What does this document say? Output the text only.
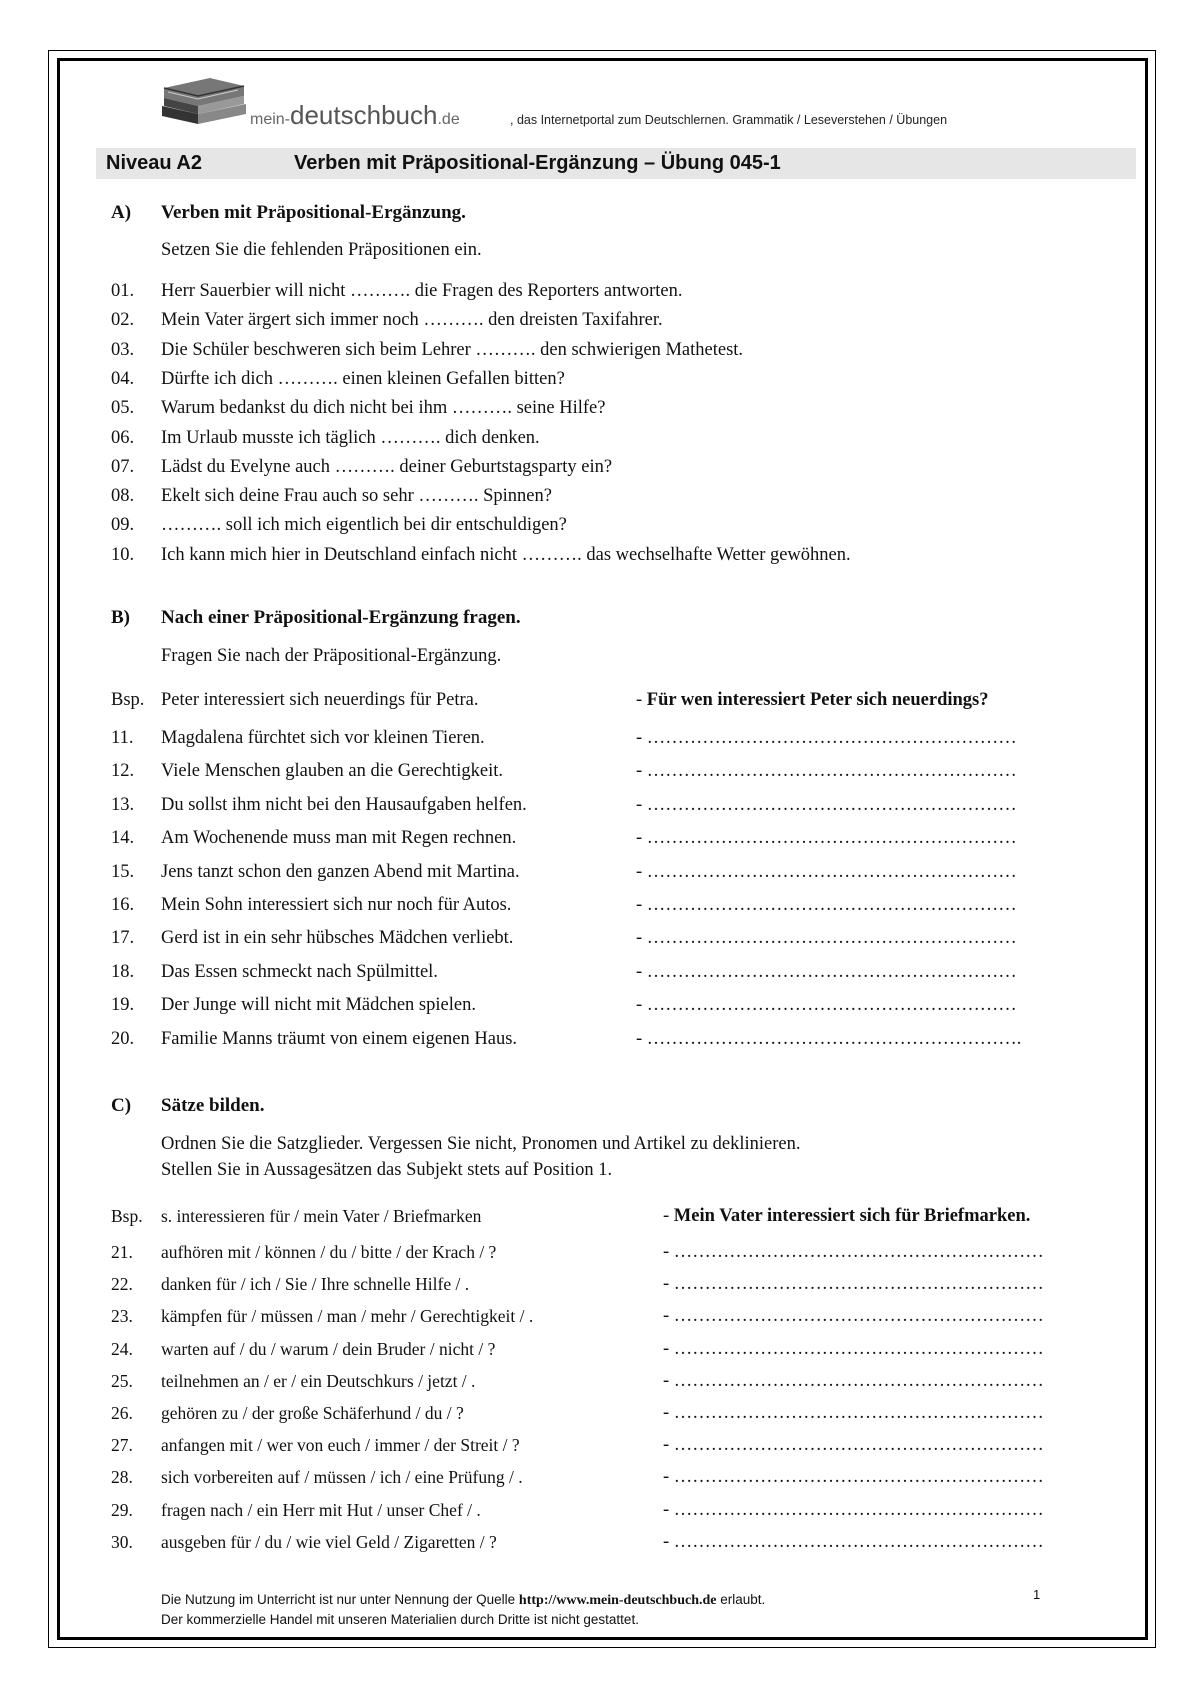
mein-deutschbuch.de	, das Internetportal zum Deutschlernen. Grammatik / Leseverstehen / Übungen
Niveau A2	Verben mit Präpositional-Ergänzung – Übung 045-1
A) Verben mit Präpositional-Ergänzung.
Setzen Sie die fehlenden Präpositionen ein.
01. Herr Sauerbier will nicht ………. die Fragen des Reporters antworten.
02. Mein Vater ärgert sich immer noch ………. den dreisten Taxifahrer.
03. Die Schüler beschweren sich beim Lehrer ………. den schwierigen Mathetest.
04. Dürfte ich dich ………. einen kleinen Gefallen bitten?
05. Warum bedankst du dich nicht bei ihm ………. seine Hilfe?
06. Im Urlaub musste ich täglich ………. dich denken.
07. Lädst du Evelyne auch ………. deiner Geburtstagsparty ein?
08. Ekelt sich deine Frau auch so sehr ………. Spinnen?
09. ………. soll ich mich eigentlich bei dir entschuldigen?
10. Ich kann mich hier in Deutschland einfach nicht ………. das wechselhafte Wetter gewöhnen.
B) Nach einer Präpositional-Ergänzung fragen.
Fragen Sie nach der Präpositional-Ergänzung.
Bsp. Peter interessiert sich neuerdings für Petra.	- Für wen interessiert Peter sich neuerdings?
11. Magdalena fürchtet sich vor kleinen Tieren.	- ……………………………………………………
12. Viele Menschen glauben an die Gerechtigkeit.	- ……………………………………………………
13. Du sollst ihm nicht bei den Hausaufgaben helfen.	- ……………………………………………………
14. Am Wochenende muss man mit Regen rechnen.	- ……………………………………………………
15. Jens tanzt schon den ganzen Abend mit Martina.	- ……………………………………………………
16. Mein Sohn interessiert sich nur noch für Autos.	- ……………………………………………………
17. Gerd ist in ein sehr hübsches Mädchen verliebt.	- ……………………………………………………
18. Das Essen schmeckt nach Spülmittel.	- ……………………………………………………
19. Der Junge will nicht mit Mädchen spielen.	- ……………………………………………………
20. Familie Manns träumt von einem eigenen Haus.	- …………………………………………………….
C) Sätze bilden.
Ordnen Sie die Satzglieder. Vergessen Sie nicht, Pronomen und Artikel zu deklinieren.
Stellen Sie in Aussagesätzen das Subjekt stets auf Position 1.
Bsp. s. interessieren für / mein Vater / Briefmarken	- Mein Vater interessiert sich für Briefmarken.
21. aufhören mit / können / du / bitte / der Krach / ?	- ……………………………………………………
22. danken für / ich / Sie / Ihre schnelle Hilfe / .	- ……………………………………………………
23. kämpfen für / müssen / man / mehr / Gerechtigkeit / .	- ……………………………………………………
24. warten auf / du / warum / dein Bruder / nicht / ?	- ……………………………………………………
25. teilnehmen an / er / ein Deutschkurs / jetzt / .	- ……………………………………………………
26. gehören zu / der große Schäferhund / du / ?	- ……………………………………………………
27. anfangen mit / wer von euch / immer / der Streit / ?	- ……………………………………………………
28. sich vorbereiten auf / müssen / ich / eine Prüfung / .	- ……………………………………………………
29. fragen nach / ein Herr mit Hut / unser Chef / .	- ……………………………………………………
30. ausgeben für / du / wie viel Geld / Zigaretten / ?	- ……………………………………………………
Die Nutzung im Unterricht ist nur unter Nennung der Quelle http://www.mein-deutschbuch.de erlaubt.
Der kommerzielle Handel mit unseren Materialien durch Dritte ist nicht gestattet.
1
